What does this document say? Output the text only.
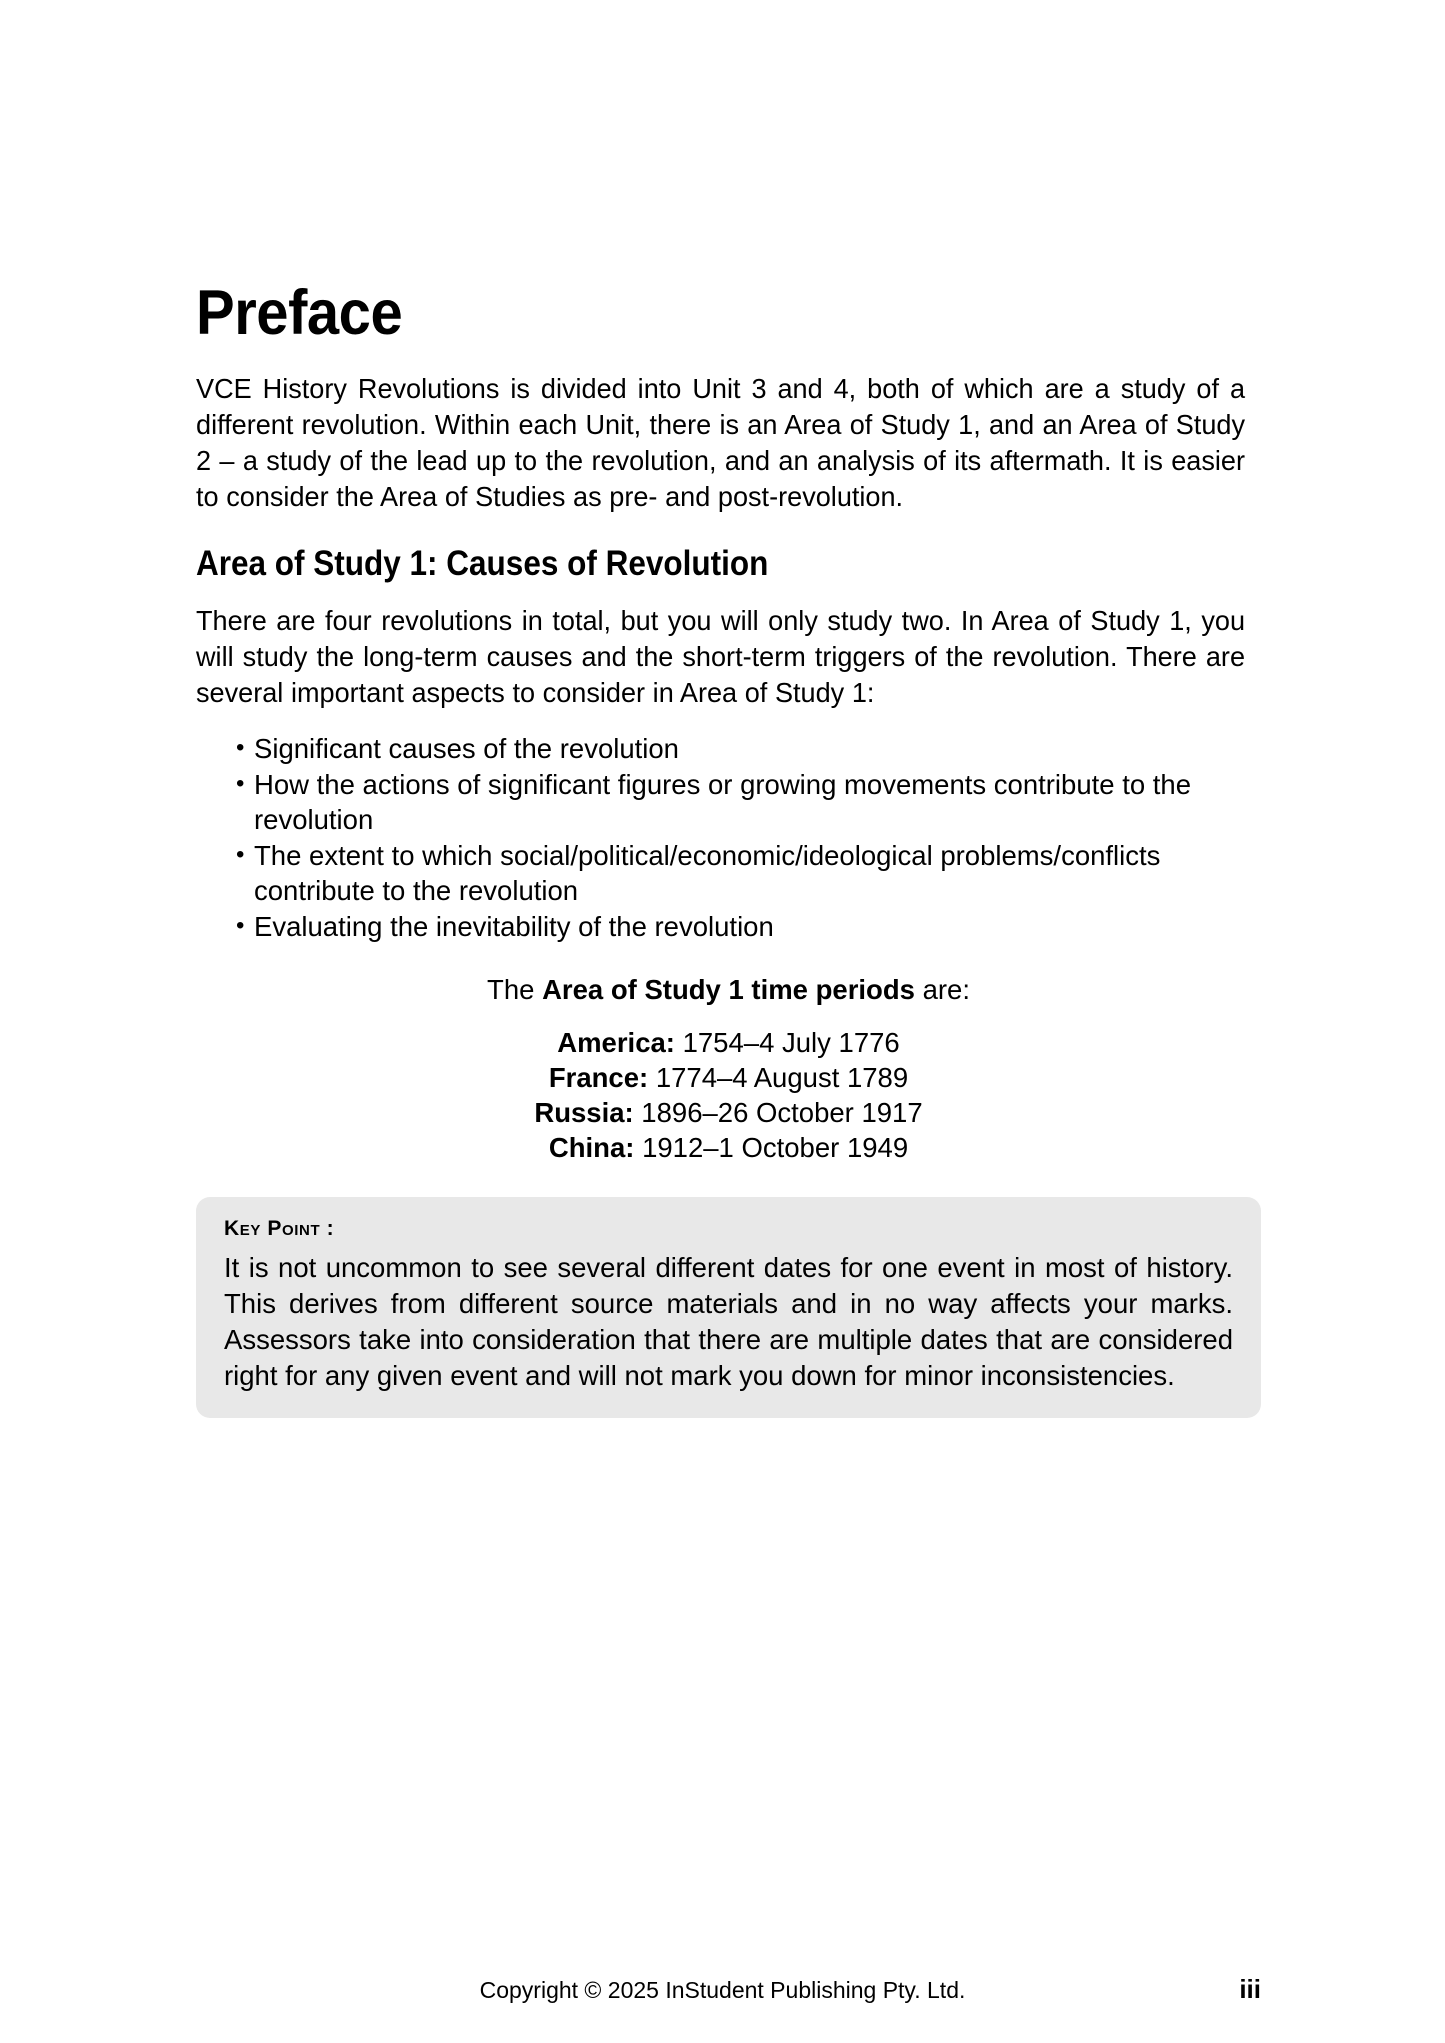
Preface

VCE History Revolutions is divided into Unit 3 and 4, both of which are a study of a different revolution. Within each Unit, there is an Area of Study 1, and an Area of Study 2 – a study of the lead up to the revolution, and an analysis of its aftermath. It is easier to consider the Area of Studies as pre- and post-revolution.

Area of Study 1: Causes of Revolution

There are four revolutions in total, but you will only study two. In Area of Study 1, you will study the long-term causes and the short-term triggers of the revolution. There are several important aspects to consider in Area of Study 1:

• Significant causes of the revolution
• How the actions of significant figures or growing movements contribute to the revolution
• The extent to which social/political/economic/ideological problems/conflicts contribute to the revolution
• Evaluating the inevitability of the revolution
The Area of Study 1 time periods are:
America: 1754–4 July 1776
France: 1774–4 August 1789
Russia: 1896–26 October 1917
China: 1912–1 October 1949
Key Point :

It is not uncommon to see several different dates for one event in most of history. This derives from different source materials and in no way affects your marks. Assessors take into consideration that there are multiple dates that are considered right for any given event and will not mark you down for minor inconsistencies.

Copyright © 2025 InStudent Publishing Pty. Ltd.	iii
